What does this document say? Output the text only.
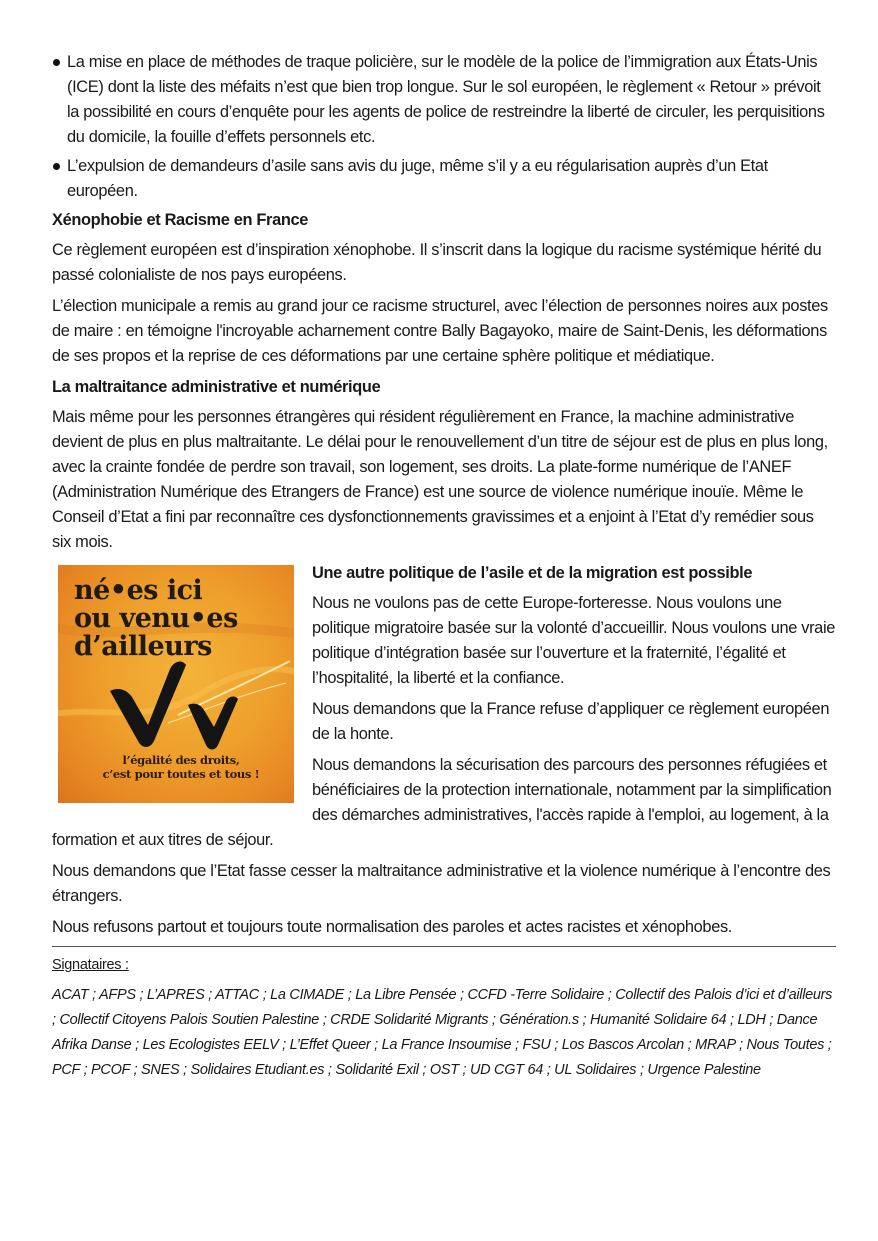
La mise en place de méthodes de traque policière, sur le modèle de la police de l’immigration aux États-Unis (ICE) dont la liste des méfaits n’est que bien trop longue. Sur le sol européen, le règlement « Retour » prévoit la possibilité en cours d’enquête pour les agents de police de restreindre la liberté de circuler, les perquisitions du domicile, la fouille d’effets personnels etc.
L’expulsion de demandeurs d’asile sans avis du juge, même s’il y a eu régularisation auprès d’un Etat européen.
Xénophobie et Racisme en France

Ce règlement européen est d’inspiration xénophobe. Il s’inscrit dans la logique du racisme systémique hérité du passé colonialiste de nos pays européens.

L’élection municipale a remis au grand jour ce racisme structurel, avec l’élection de personnes noires aux postes de maire : en témoigne l'incroyable acharnement contre Bally Bagayoko, maire de Saint-Denis, les déformations de ses propos et la reprise de ces déformations par une certaine sphère politique et médiatique.

La maltraitance administrative et numérique

Mais même pour les personnes étrangères qui résident régulièrement en France, la machine administrative devient de plus en plus maltraitante. Le délai pour le renouvellement d’un titre de séjour est de plus en plus long, avec la crainte fondée de perdre son travail, son logement, ses droits. La plate-forme numérique de l’ANEF (Administration Numérique des Etrangers de France) est une source de violence numérique inouïe. Même le Conseil d’Etat a fini par reconnaître ces dysfonctionnements gravissimes et a enjoint à l’Etat d’y remédier sous six mois.

né•es ici
ou venu•es
d’ailleurs
l’égalité des droits,
c’est pour toutes et tous !
Une autre politique de l’asile et de la migration est possible

Nous ne voulons pas de cette Europe-forteresse. Nous voulons une politique migratoire basée sur la volonté d’accueillir. Nous voulons une vraie politique d’intégration basée sur l’ouverture et la fraternité, l’égalité et l’hospitalité, la liberté et la confiance.

Nous demandons que la France refuse d’appliquer ce règlement européen de la honte.

Nous demandons la sécurisation des parcours des personnes réfugiées et bénéficiaires de la protection internationale, notamment par la simplification des démarches administratives, l'accès rapide à l'emploi, au logement, à la formation et aux titres de séjour.

Nous demandons que l’Etat fasse cesser la maltraitance administrative et la violence numérique à l’encontre des étrangers.

Nous refusons partout et toujours toute normalisation des paroles et actes racistes et xénophobes.

Signataires :

ACAT ; AFPS ; L’APRES ; ATTAC ; La CIMADE ; La Libre Pensée ; CCFD -Terre Solidaire ; Collectif des Palois d’ici et d’ailleurs ; Collectif Citoyens Palois Soutien Palestine ; CRDE Solidarité Migrants ; Génération.s ; Humanité Solidaire 64 ; LDH ; Dance Afrika Danse ; Les Ecologistes EELV ; L’Effet Queer ; La France Insoumise ; FSU ; Los Bascos Arcolan ; MRAP ; Nous Toutes ; PCF ; PCOF ; SNES ; Solidaires Etudiant.es ; Solidarité Exil ; OST ; UD CGT 64 ; UL Solidaires ; Urgence Palestine
